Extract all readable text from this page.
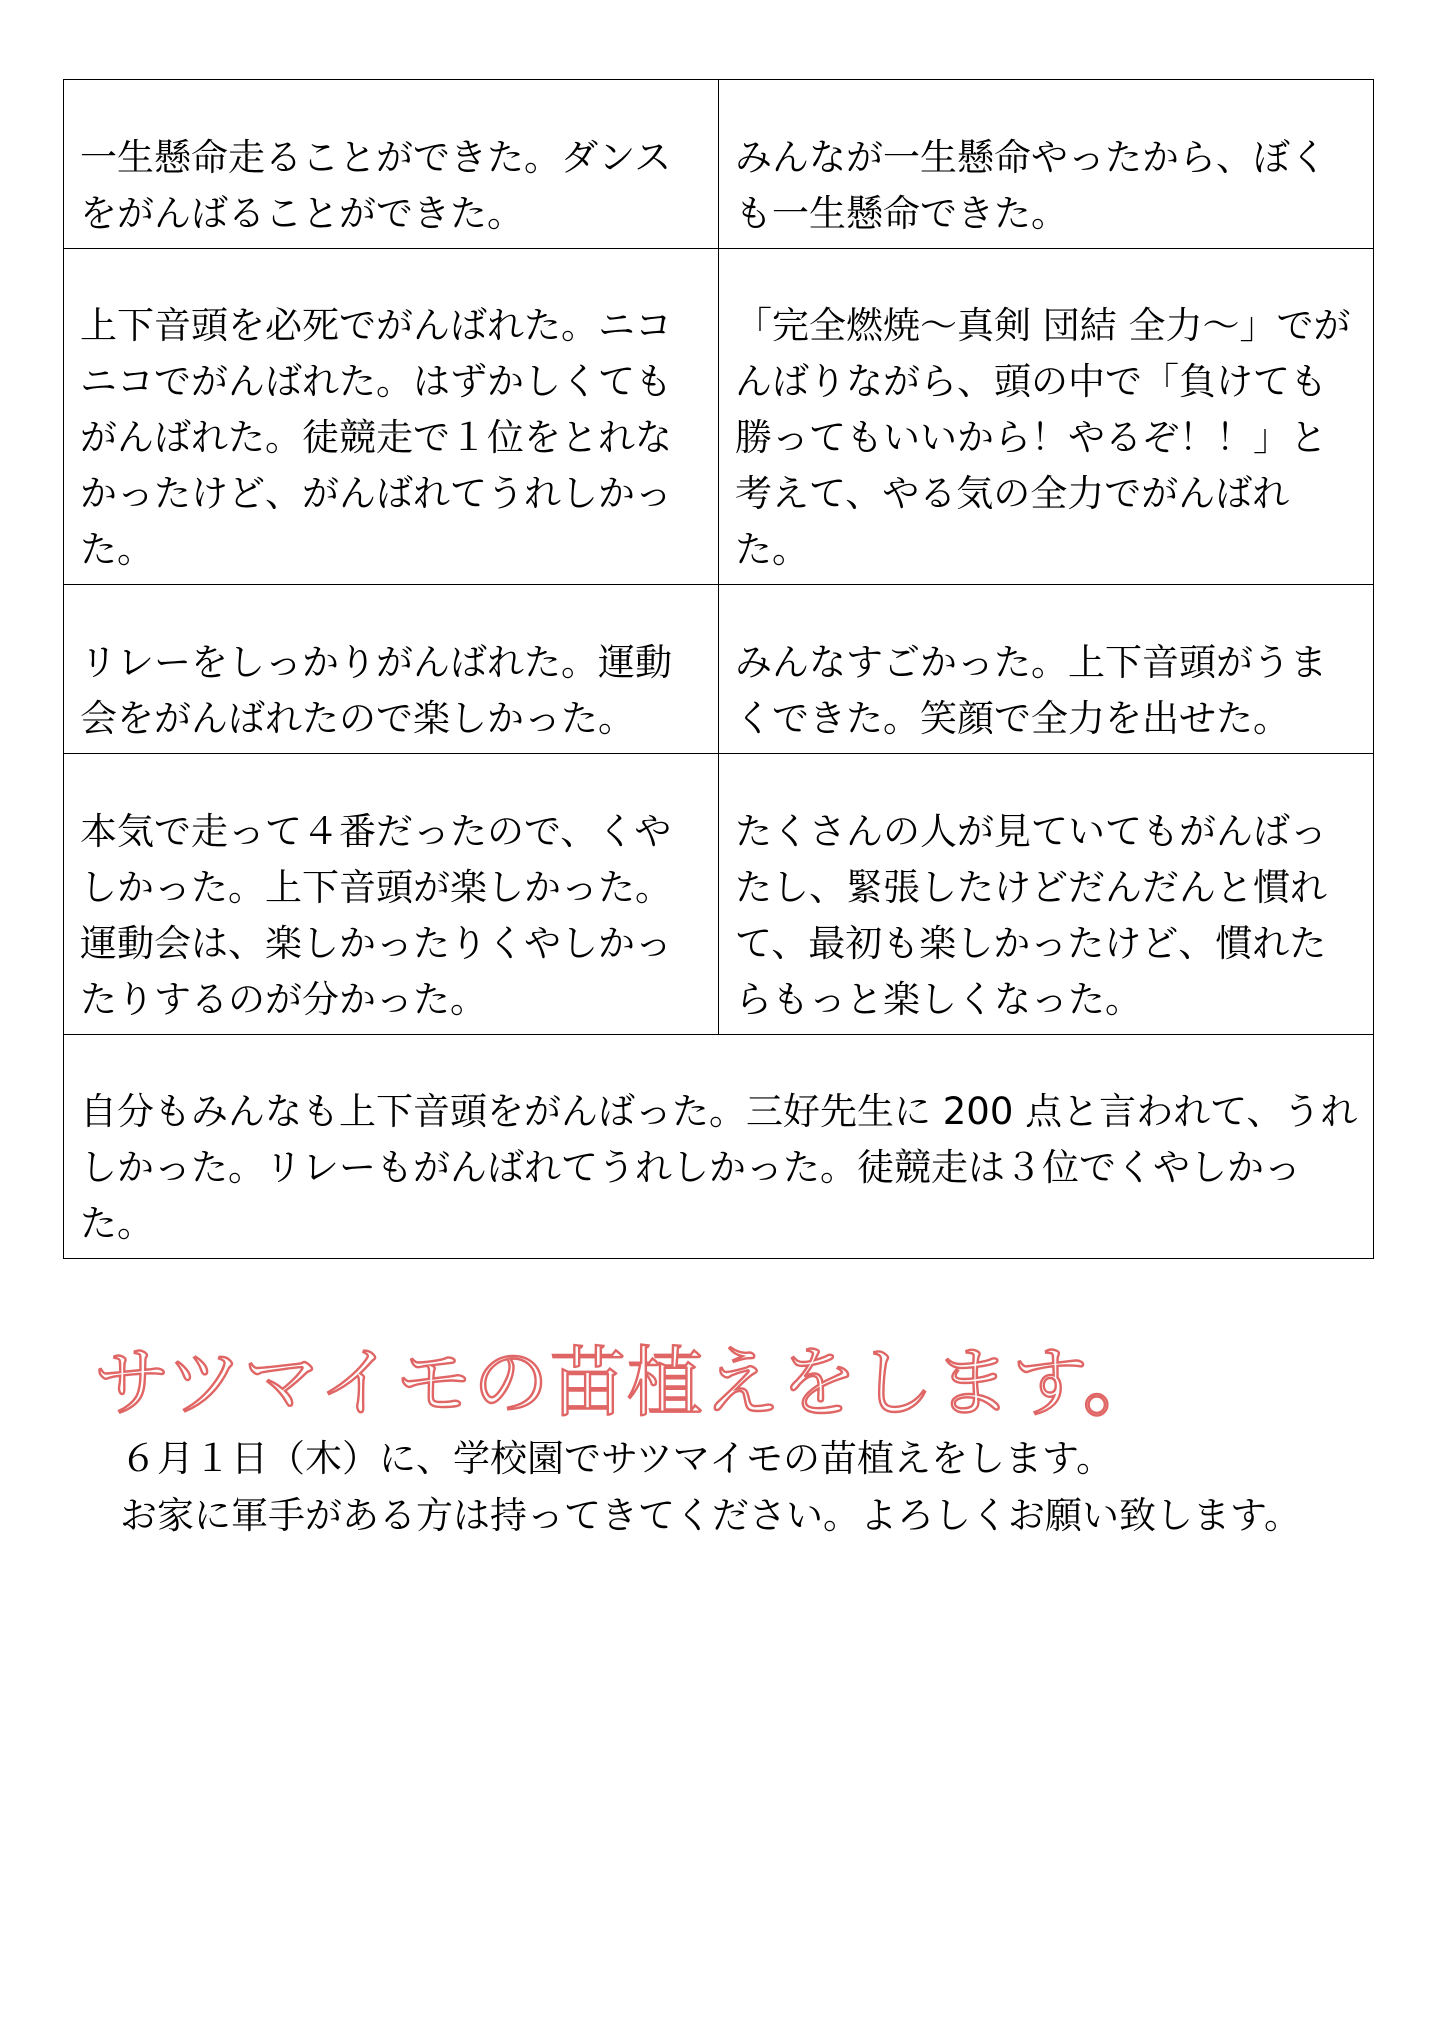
一生懸命走ることができた。ダンスをがんばることができた。	みんなが一生懸命やったから、ぼくも一生懸命できた。

上下音頭を必死でがんばれた。ニコニコでがんばれた。はずかしくてもがんばれた。徒競走で１位をとれなかったけど、がんばれてうれしかった。	「完全燃焼～真剣 団結 全力～」でがんばりながら、頭の中で「負けても勝ってもいいから！やるぞ！！」と考えて、やる気の全力でがんばれた。

リレーをしっかりがんばれた。運動会をがんばれたので楽しかった。	みんなすごかった。上下音頭がうまくできた。笑顔で全力を出せた。

本気で走って４番だったので、くやしかった。上下音頭が楽しかった。運動会は、楽しかったりくやしかったりするのが分かった。	たくさんの人が見ていてもがんばったし、緊張したけどだんだんと慣れて、最初も楽しかったけど、慣れたらもっと楽しくなった。

自分もみんなも上下音頭をがんばった。三好先生に 200 点と言われて、うれしかった。リレーもがんばれてうれしかった。徒競走は３位でくやしかった。	
サツマイモの苗植えをします。

６月１日（木）に、学校園でサツマイモの苗植えをします。

お家に軍手がある方は持ってきてください。よろしくお願い致します。
